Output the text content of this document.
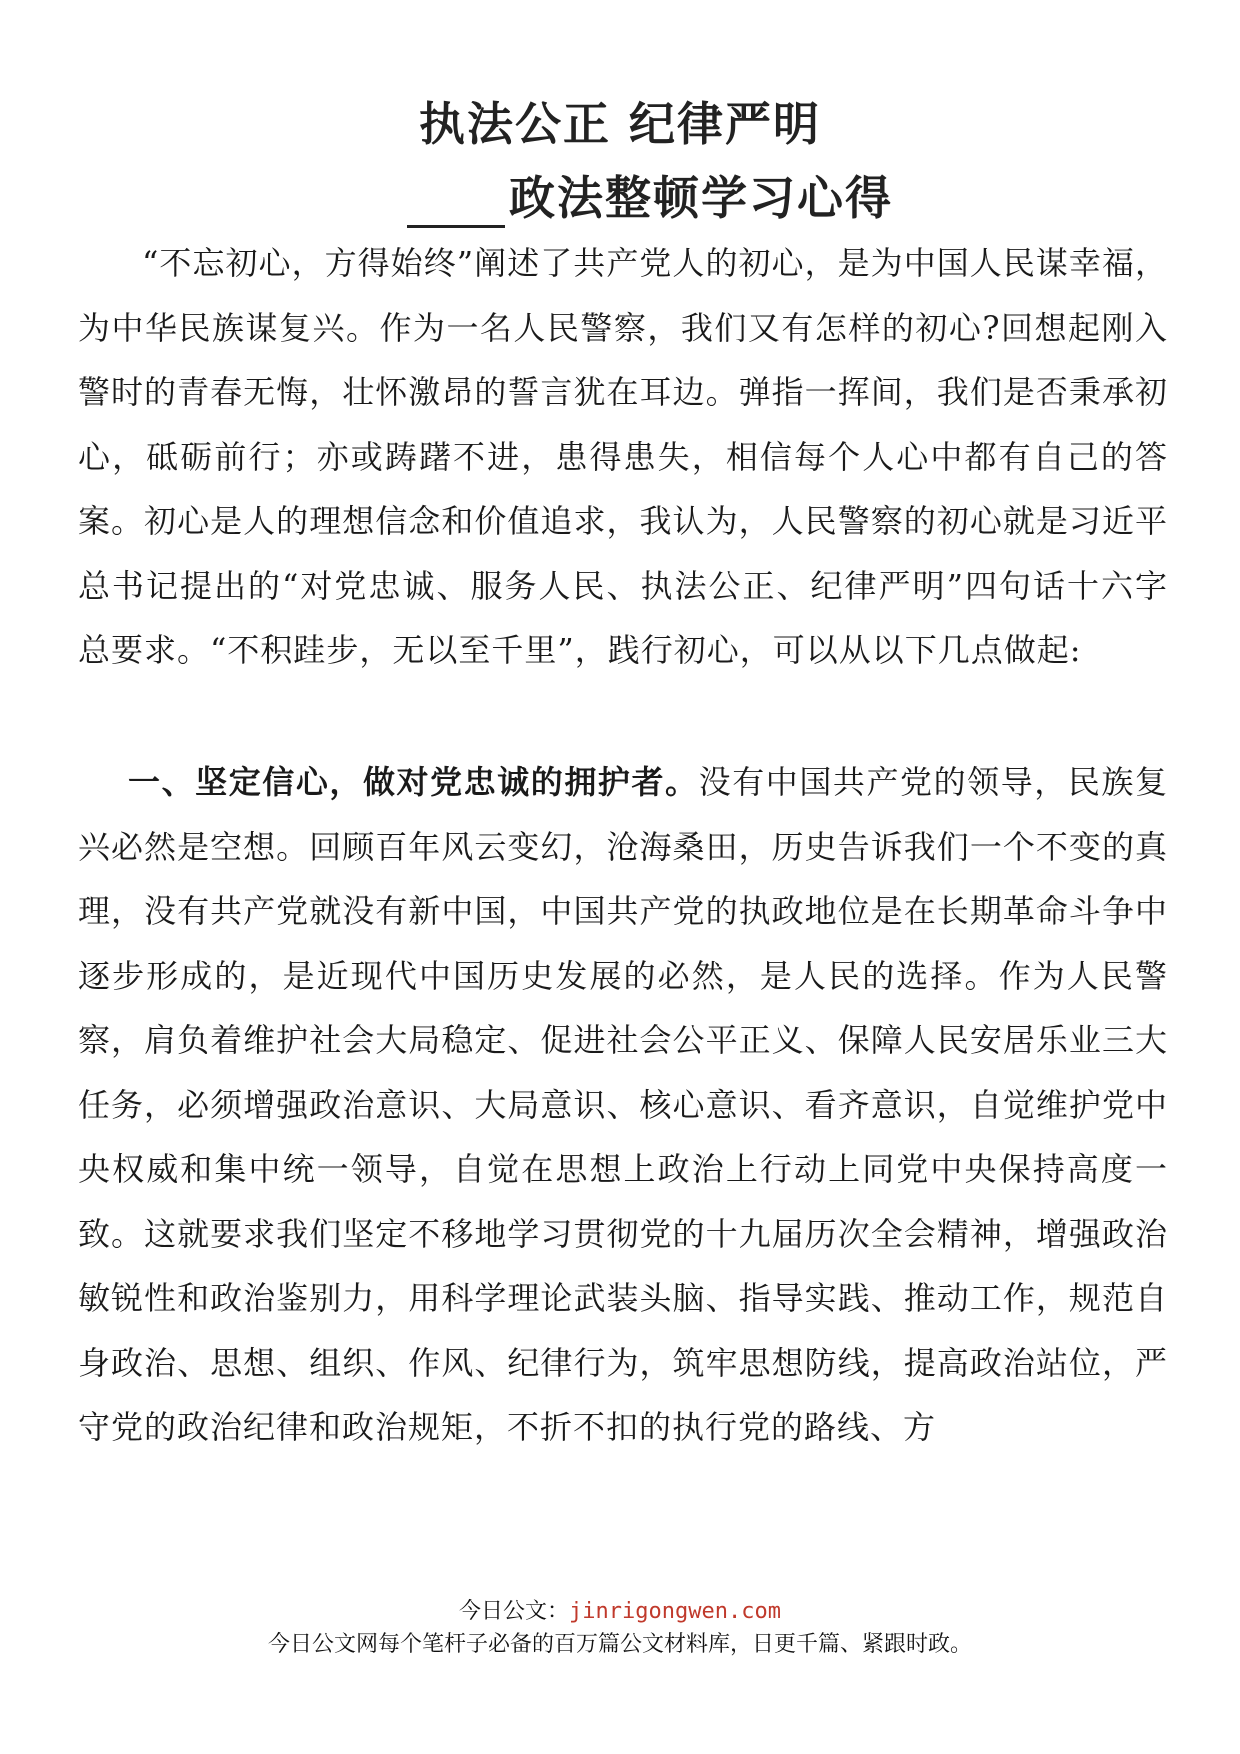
执法公正 纪律严明
政法整顿学习心得

“不忘初心，方得始终”阐述了共产党人的初心，是为中国人民谋幸福，为中华民族谋复兴。作为一名人民警察，我们又有怎样的初心?回想起刚入警时的青春无悔，壮怀激昂的誓言犹在耳边。弹指一挥间，我们是否秉承初心，砥砺前行；亦或踌躇不进，患得患失，相信每个人心中都有自己的答案。初心是人的理想信念和价值追求，我认为，人民警察的初心就是习近平总书记提出的“对党忠诚、服务人民、执法公正、纪律严明”四句话十六字总要求。“不积跬步，无以至千里”，践行初心，可以从以下几点做起:

一、坚定信心，做对党忠诚的拥护者。没有中国共产党的领导，民族复兴必然是空想。回顾百年风云变幻，沧海桑田，历史告诉我们一个不变的真理，没有共产党就没有新中国，中国共产党的执政地位是在长期革命斗争中逐步形成的，是近现代中国历史发展的必然，是人民的选择。作为人民警察，肩负着维护社会大局稳定、促进社会公平正义、保障人民安居乐业三大任务，必须增强政治意识、大局意识、核心意识、看齐意识，自觉维护党中央权威和集中统一领导，自觉在思想上政治上行动上同党中央保持高度一致。这就要求我们坚定不移地学习贯彻党的十九届历次全会精神，增强政治敏锐性和政治鉴别力，用科学理论武装头脑、指导实践、推动工作，规范自身政治、思想、组织、作风、纪律行为，筑牢思想防线，提高政治站位，严守党的政治纪律和政治规矩，不折不扣的执行党的路线、方

今日公文：jinrigongwen.com

今日公文网每个笔杆子必备的百万篇公文材料库，日更千篇、紧跟时政。
